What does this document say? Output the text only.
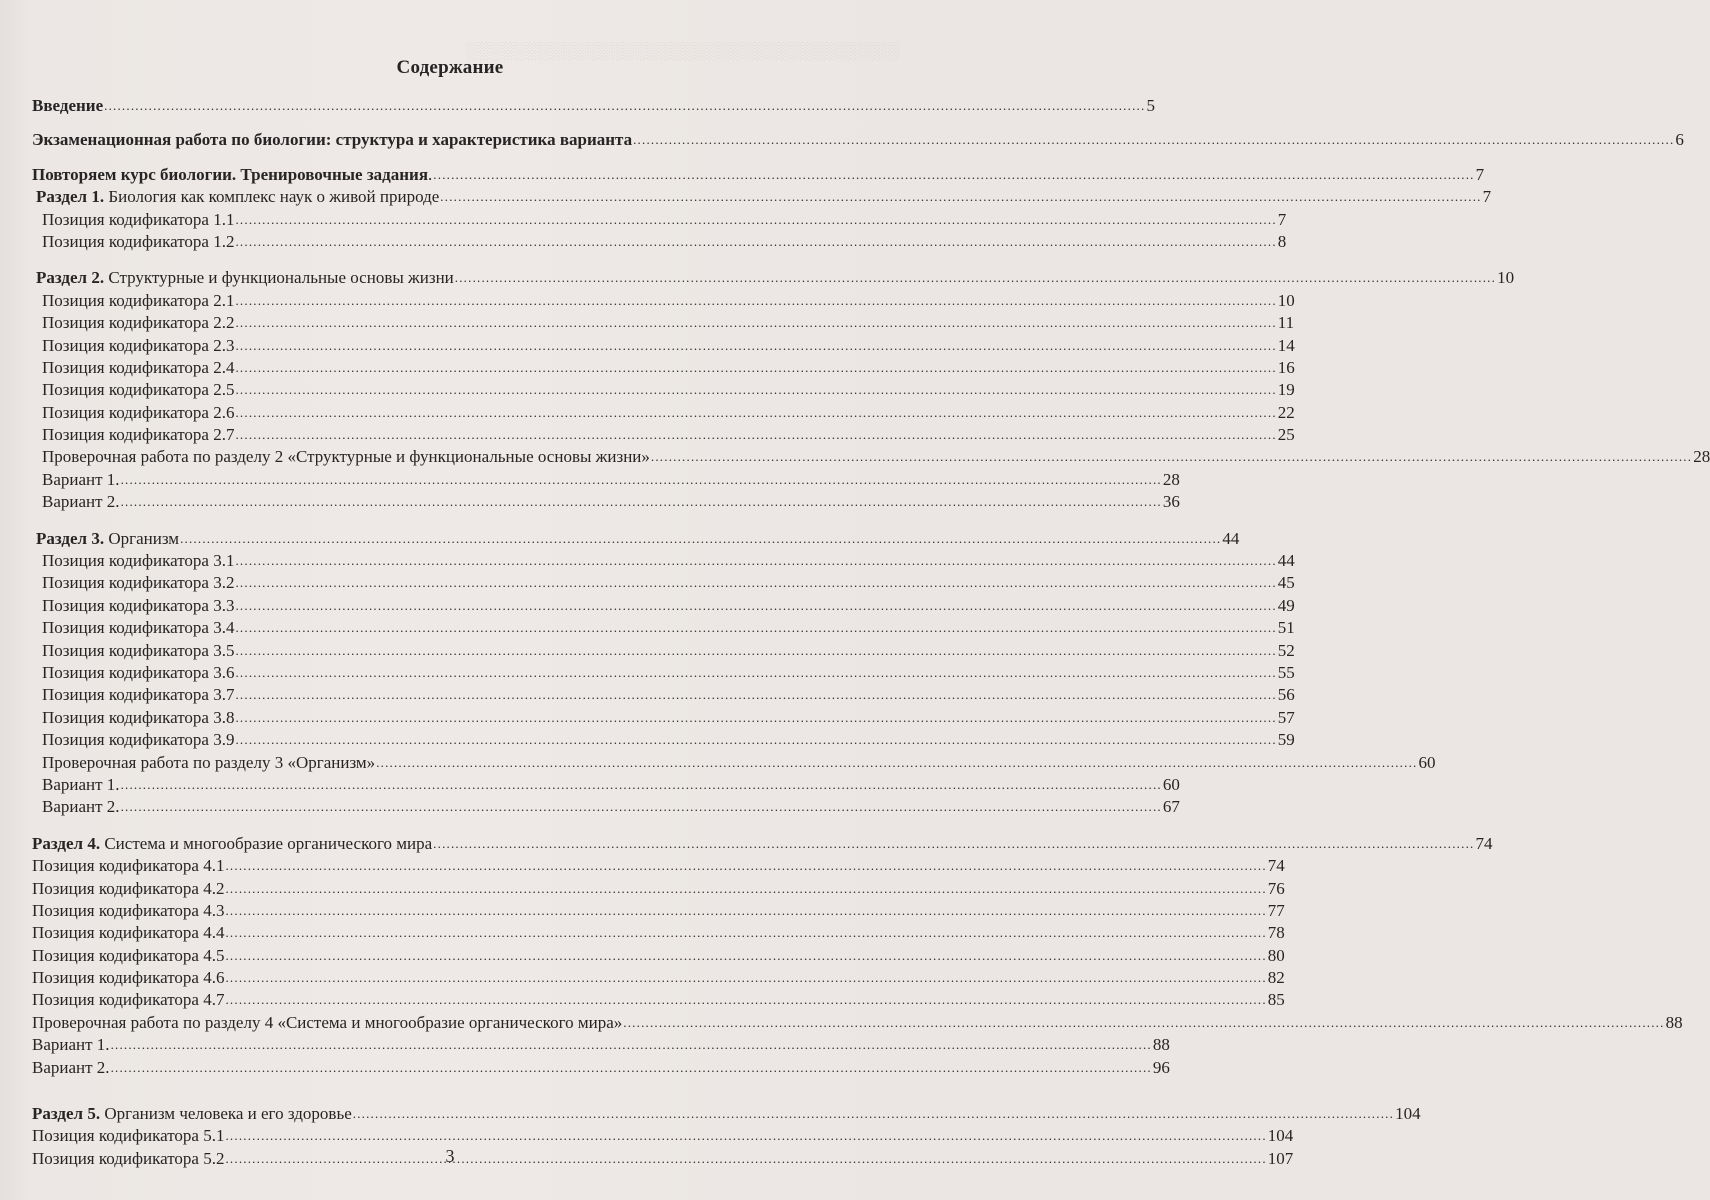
░░░░░░░░░░░░░░░░░░░░░░░░░░░░░░░░░░░░
Содержание
Введение .....	5
Экзаменационная работа по биологии: структура и характеристика варианта .....	6
Повторяем курс биологии. Тренировочные задания. .....	7
Раздел 1. Биология как комплекс наук о живой природе .....	7
Позиция кодификатора 1.1 .....	7
Позиция кодификатора 1.2 .....	8
Раздел 2. Структурные и функциональные основы жизни .....	10
Позиция кодификатора 2.1 .....	10
Позиция кодификатора 2.2 .....	11
Позиция кодификатора 2.3 .....	14
Позиция кодификатора 2.4 .....	16
Позиция кодификатора 2.5 .....	19
Позиция кодификатора 2.6 .....	22
Позиция кодификатора 2.7 .....	25
Проверочная работа по разделу 2 «Структурные и функциональные основы жизни» .....	28
Вариант 1. .....	28
Вариант 2. .....	36
Раздел 3. Организм .....	44
Позиция кодификатора 3.1 .....	44
Позиция кодификатора 3.2 .....	45
Позиция кодификатора 3.3 .....	49
Позиция кодификатора 3.4 .....	51
Позиция кодификатора 3.5 .....	52
Позиция кодификатора 3.6 .....	55
Позиция кодификатора 3.7 .....	56
Позиция кодификатора 3.8 .....	57
Позиция кодификатора 3.9 .....	59
Проверочная работа по разделу 3 «Организм» .....	60
Вариант 1. .....	60
Вариант 2. .....	67
Раздел 4. Система и многообразие органического мира .....	74
Позиция кодификатора 4.1 .....	74
Позиция кодификатора 4.2 .....	76
Позиция кодификатора 4.3 .....	77
Позиция кодификатора 4.4 .....	78
Позиция кодификатора 4.5 .....	80
Позиция кодификатора 4.6 .....	82
Позиция кодификатора 4.7 .....	85
Проверочная работа по разделу 4 «Система и многообразие органического мира» .....	88
Вариант 1. .....	88
Вариант 2. .....	96
Раздел 5. Организм человека и его здоровье .....	104
Позиция кодификатора 5.1 .....	104
Позиция кодификатора 5.2 .....	107
3
